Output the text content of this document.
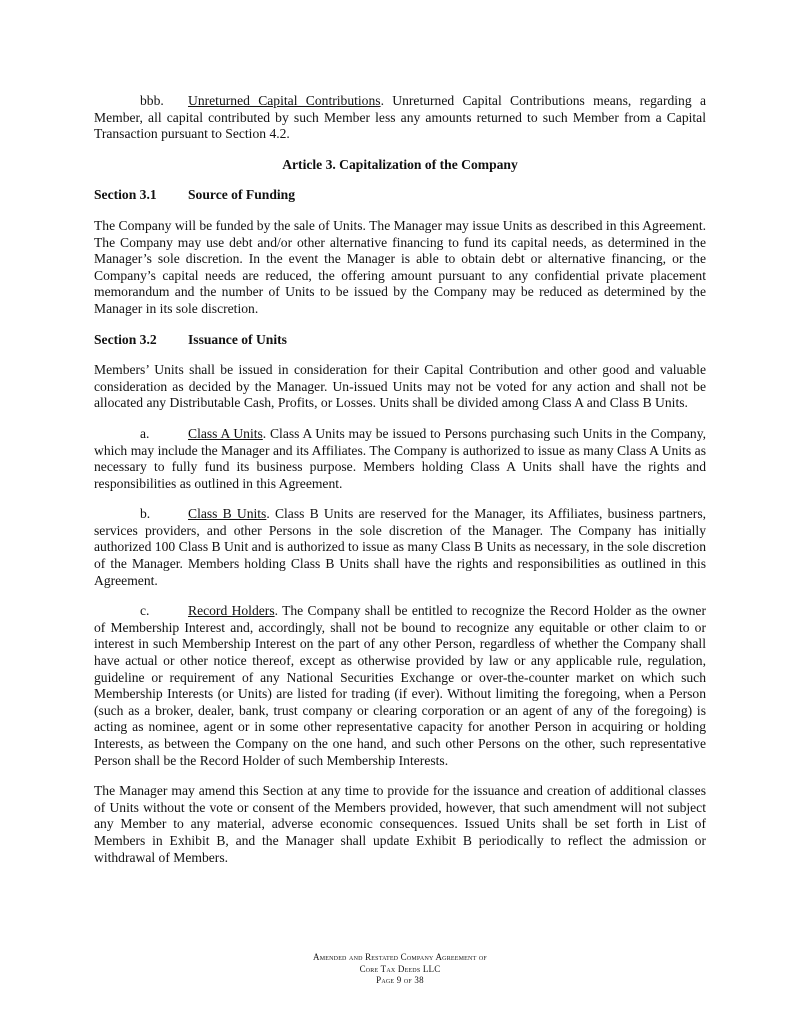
bbb. Unreturned Capital Contributions. Unreturned Capital Contributions means, regarding a Member, all capital contributed by such Member less any amounts returned to such Member from a Capital Transaction pursuant to Section 4.2.

Article 3. Capitalization of the Company

Section 3.1 Source of Funding

The Company will be funded by the sale of Units. The Manager may issue Units as described in this Agreement. The Company may use debt and/or other alternative financing to fund its capital needs, as determined in the Manager’s sole discretion. In the event the Manager is able to obtain debt or alternative financing, or the Company’s capital needs are reduced, the offering amount pursuant to any confidential private placement memorandum and the number of Units to be issued by the Company may be reduced as determined by the Manager in its sole discretion.

Section 3.2 Issuance of Units

Members’ Units shall be issued in consideration for their Capital Contribution and other good and valuable consideration as decided by the Manager. Un-issued Units may not be voted for any action and shall not be allocated any Distributable Cash, Profits, or Losses. Units shall be divided among Class A and Class B Units.

a.	Class A Units. Class A Units may be issued to Persons purchasing such Units in the Company, which may include the Manager and its Affiliates. The Company is authorized to issue as many Class A Units as necessary to fully fund its business purpose. Members holding Class A Units shall have the rights and responsibilities as outlined in this Agreement.

b.	Class B Units. Class B Units are reserved for the Manager, its Affiliates, business partners, services providers, and other Persons in the sole discretion of the Manager. The Company has initially authorized 100 Class B Unit and is authorized to issue as many Class B Units as necessary, in the sole discretion of the Manager. Members holding Class B Units shall have the rights and responsibilities as outlined in this Agreement.

c.	Record Holders. The Company shall be entitled to recognize the Record Holder as the owner of Membership Interest and, accordingly, shall not be bound to recognize any equitable or other claim to or interest in such Membership Interest on the part of any other Person, regardless of whether the Company shall have actual or other notice thereof, except as otherwise provided by law or any applicable rule, regulation, guideline or requirement of any National Securities Exchange or over-the-counter market on which such Membership Interests (or Units) are listed for trading (if ever). Without limiting the foregoing, when a Person (such as a broker, dealer, bank, trust company or clearing corporation or an agent of any of the foregoing) is acting as nominee, agent or in some other representative capacity for another Person in acquiring or holding Interests, as between the Company on the one hand, and such other Persons on the other, such representative Person shall be the Record Holder of such Membership Interests.

The Manager may amend this Section at any time to provide for the issuance and creation of additional classes of Units without the vote or consent of the Members provided, however, that such amendment will not subject any Member to any material, adverse economic consequences. Issued Units shall be set forth in List of Members in Exhibit B, and the Manager shall update Exhibit B periodically to reflect the admission or withdrawal of Members.

Amended and Restated Company Agreement of
Core Tax Deeds LLC
Page 9 of 38
